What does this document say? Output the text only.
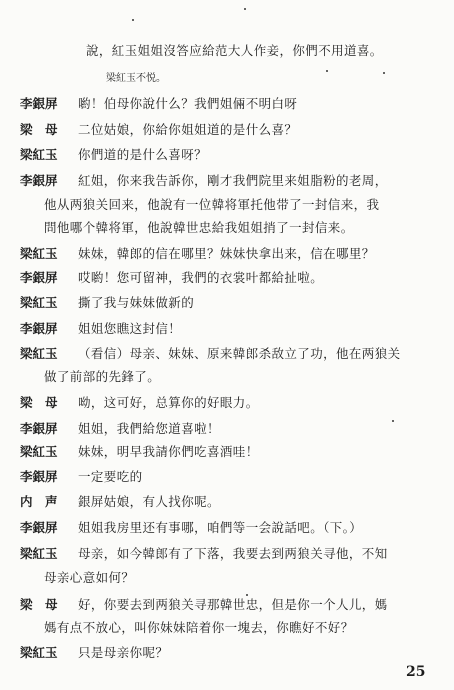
說，紅玉姐姐沒答应給范大人作妾，你們不用道喜。
梁紅玉不悦。
李銀屏 喲！伯母你說什么？我們姐倆不明白呀
梁　母 二位姑娘，你給你姐姐道的是什么喜？
梁紅玉 你們道的是什么喜呀？
李銀屏 紅姐，你来我告訴你，剛才我們院里来姐脂粉的老周，
他从两狼关回来，他說有一位韓将軍托他带了一封信来，我
問他哪个韓将軍，他說韓世忠給我姐姐捎了一封信来。
梁紅玉 妹妹，韓郎的信在哪里？妹妹快拿出来，信在哪里？
李銀屏 哎喲！您可留神，我們的衣裳叶都給扯啦。
梁紅玉 撕了我与妹妹做新的
李銀屏 姐姐您瞧这封信！
梁紅玉 （看信）母亲、妹妹、原来韓郎杀敌立了功，他在两狼关
做了前部的先鋒了。
梁　母 呦，这可好，总算你的好眼力。
李銀屏 姐姐，我們給您道喜啦！
梁紅玉 妹妹，明早我請你們吃喜酒哇！
李銀屏 一定要吃的
内　声 銀屏姑娘，有人找你呢。
李銀屏 姐姐我房里还有事哪，咱們等一会說話吧。（下。）
梁紅玉 母亲，如今韓郎有了下落，我要去到两狼关寻他，不知
母亲心意如何？
梁　母 好，你要去到两狼关寻那韓世忠，但是你一个人儿，媽
媽有点不放心，叫你妹妹陪着你一塊去，你瞧好不好？
梁紅玉 只是母亲你呢？
25
